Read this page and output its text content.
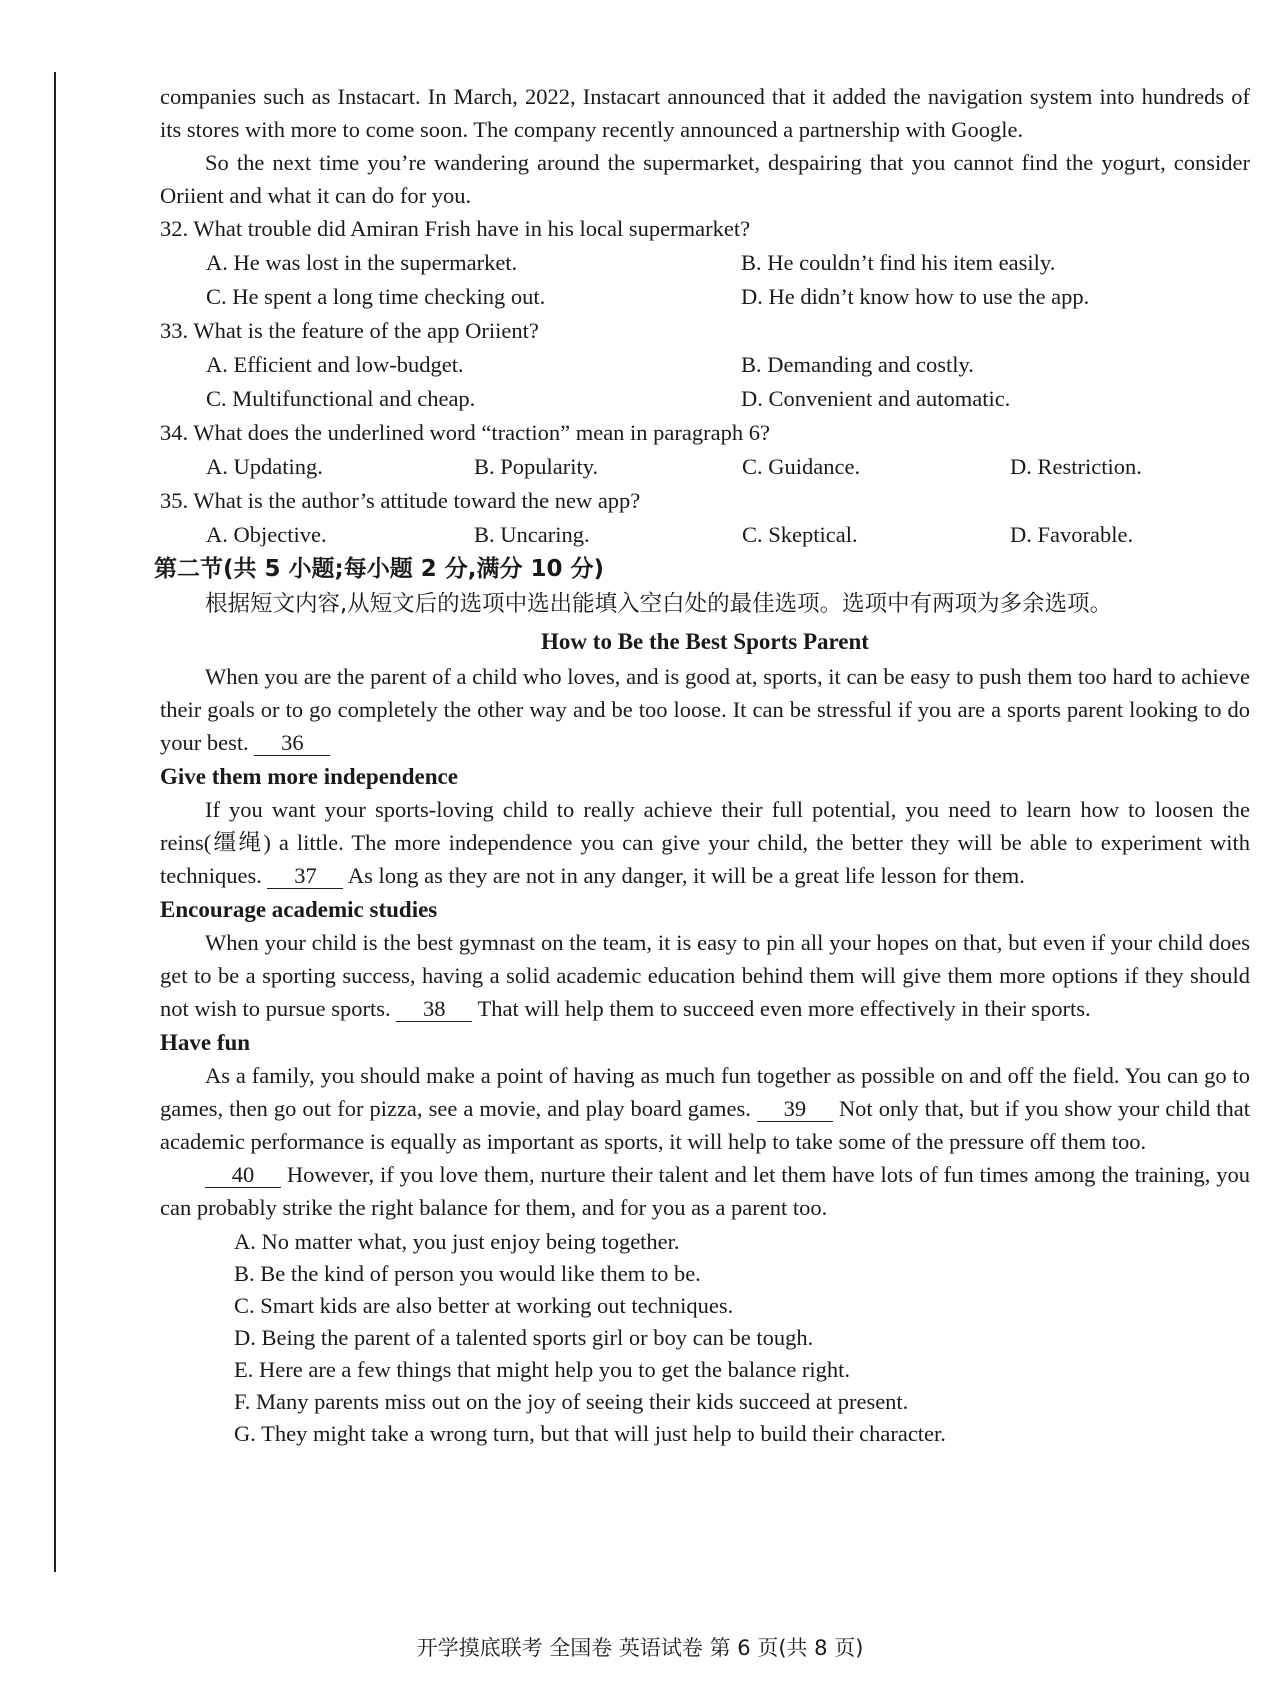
companies such as Instacart. In March, 2022, Instacart announced that it added the navigation system into hundreds of its stores with more to come soon. The company recently announced a partnership with Google.

So the next time you’re wandering around the supermarket, despairing that you cannot find the yogurt, consider Oriient and what it can do for you.

32. What trouble did Amiran Frish have in his local supermarket?
A. He was lost in the supermarket.	B. He couldn’t find his item easily.
C. He spent a long time checking out.	D. He didn’t know how to use the app.
33. What is the feature of the app Oriient?
A. Efficient and low-budget.	B. Demanding and costly.
C. Multifunctional and cheap.	D. Convenient and automatic.
34. What does the underlined word “traction” mean in paragraph 6?
A. Updating.	B. Popularity.	C. Guidance.	D. Restriction.
35. What is the author’s attitude toward the new app?
A. Objective.	B. Uncaring.	C. Skeptical.	D. Favorable.
第二节(共 5 小题;每小题 2 分,满分 10 分)

根据短文内容,从短文后的选项中选出能填入空白处的最佳选项。选项中有两项为多余选项。

How to Be the Best Sports Parent

When you are the parent of a child who loves, and is good at, sports, it can be easy to push them too hard to achieve their goals or to go completely the other way and be too loose. It can be stressful if you are a sports parent looking to do your best. 36

Give them more independence

If you want your sports-loving child to really achieve their full potential, you need to learn how to loosen the reins(缰绳) a little. The more independence you can give your child, the better they will be able to experiment with techniques. 37 As long as they are not in any danger, it will be a great life lesson for them.

Encourage academic studies

When your child is the best gymnast on the team, it is easy to pin all your hopes on that, but even if your child does get to be a sporting success, having a solid academic education behind them will give them more options if they should not wish to pursue sports. 38 That will help them to succeed even more effectively in their sports.

Have fun

As a family, you should make a point of having as much fun together as possible on and off the field. You can go to games, then go out for pizza, see a movie, and play board games. 39 Not only that, but if you show your child that academic performance is equally as important as sports, it will help to take some of the pressure off them too.

40 However, if you love them, nurture their talent and let them have lots of fun times among the training, you can probably strike the right balance for them, and for you as a parent too.

A. No matter what, you just enjoy being together.
B. Be the kind of person you would like them to be.
C. Smart kids are also better at working out techniques.
D. Being the parent of a talented sports girl or boy can be tough.
E. Here are a few things that might help you to get the balance right.
F. Many parents miss out on the joy of seeing their kids succeed at present.
G. They might take a wrong turn, but that will just help to build their character.
开学摸底联考 全国卷 英语试卷 第 6 页(共 8 页)
